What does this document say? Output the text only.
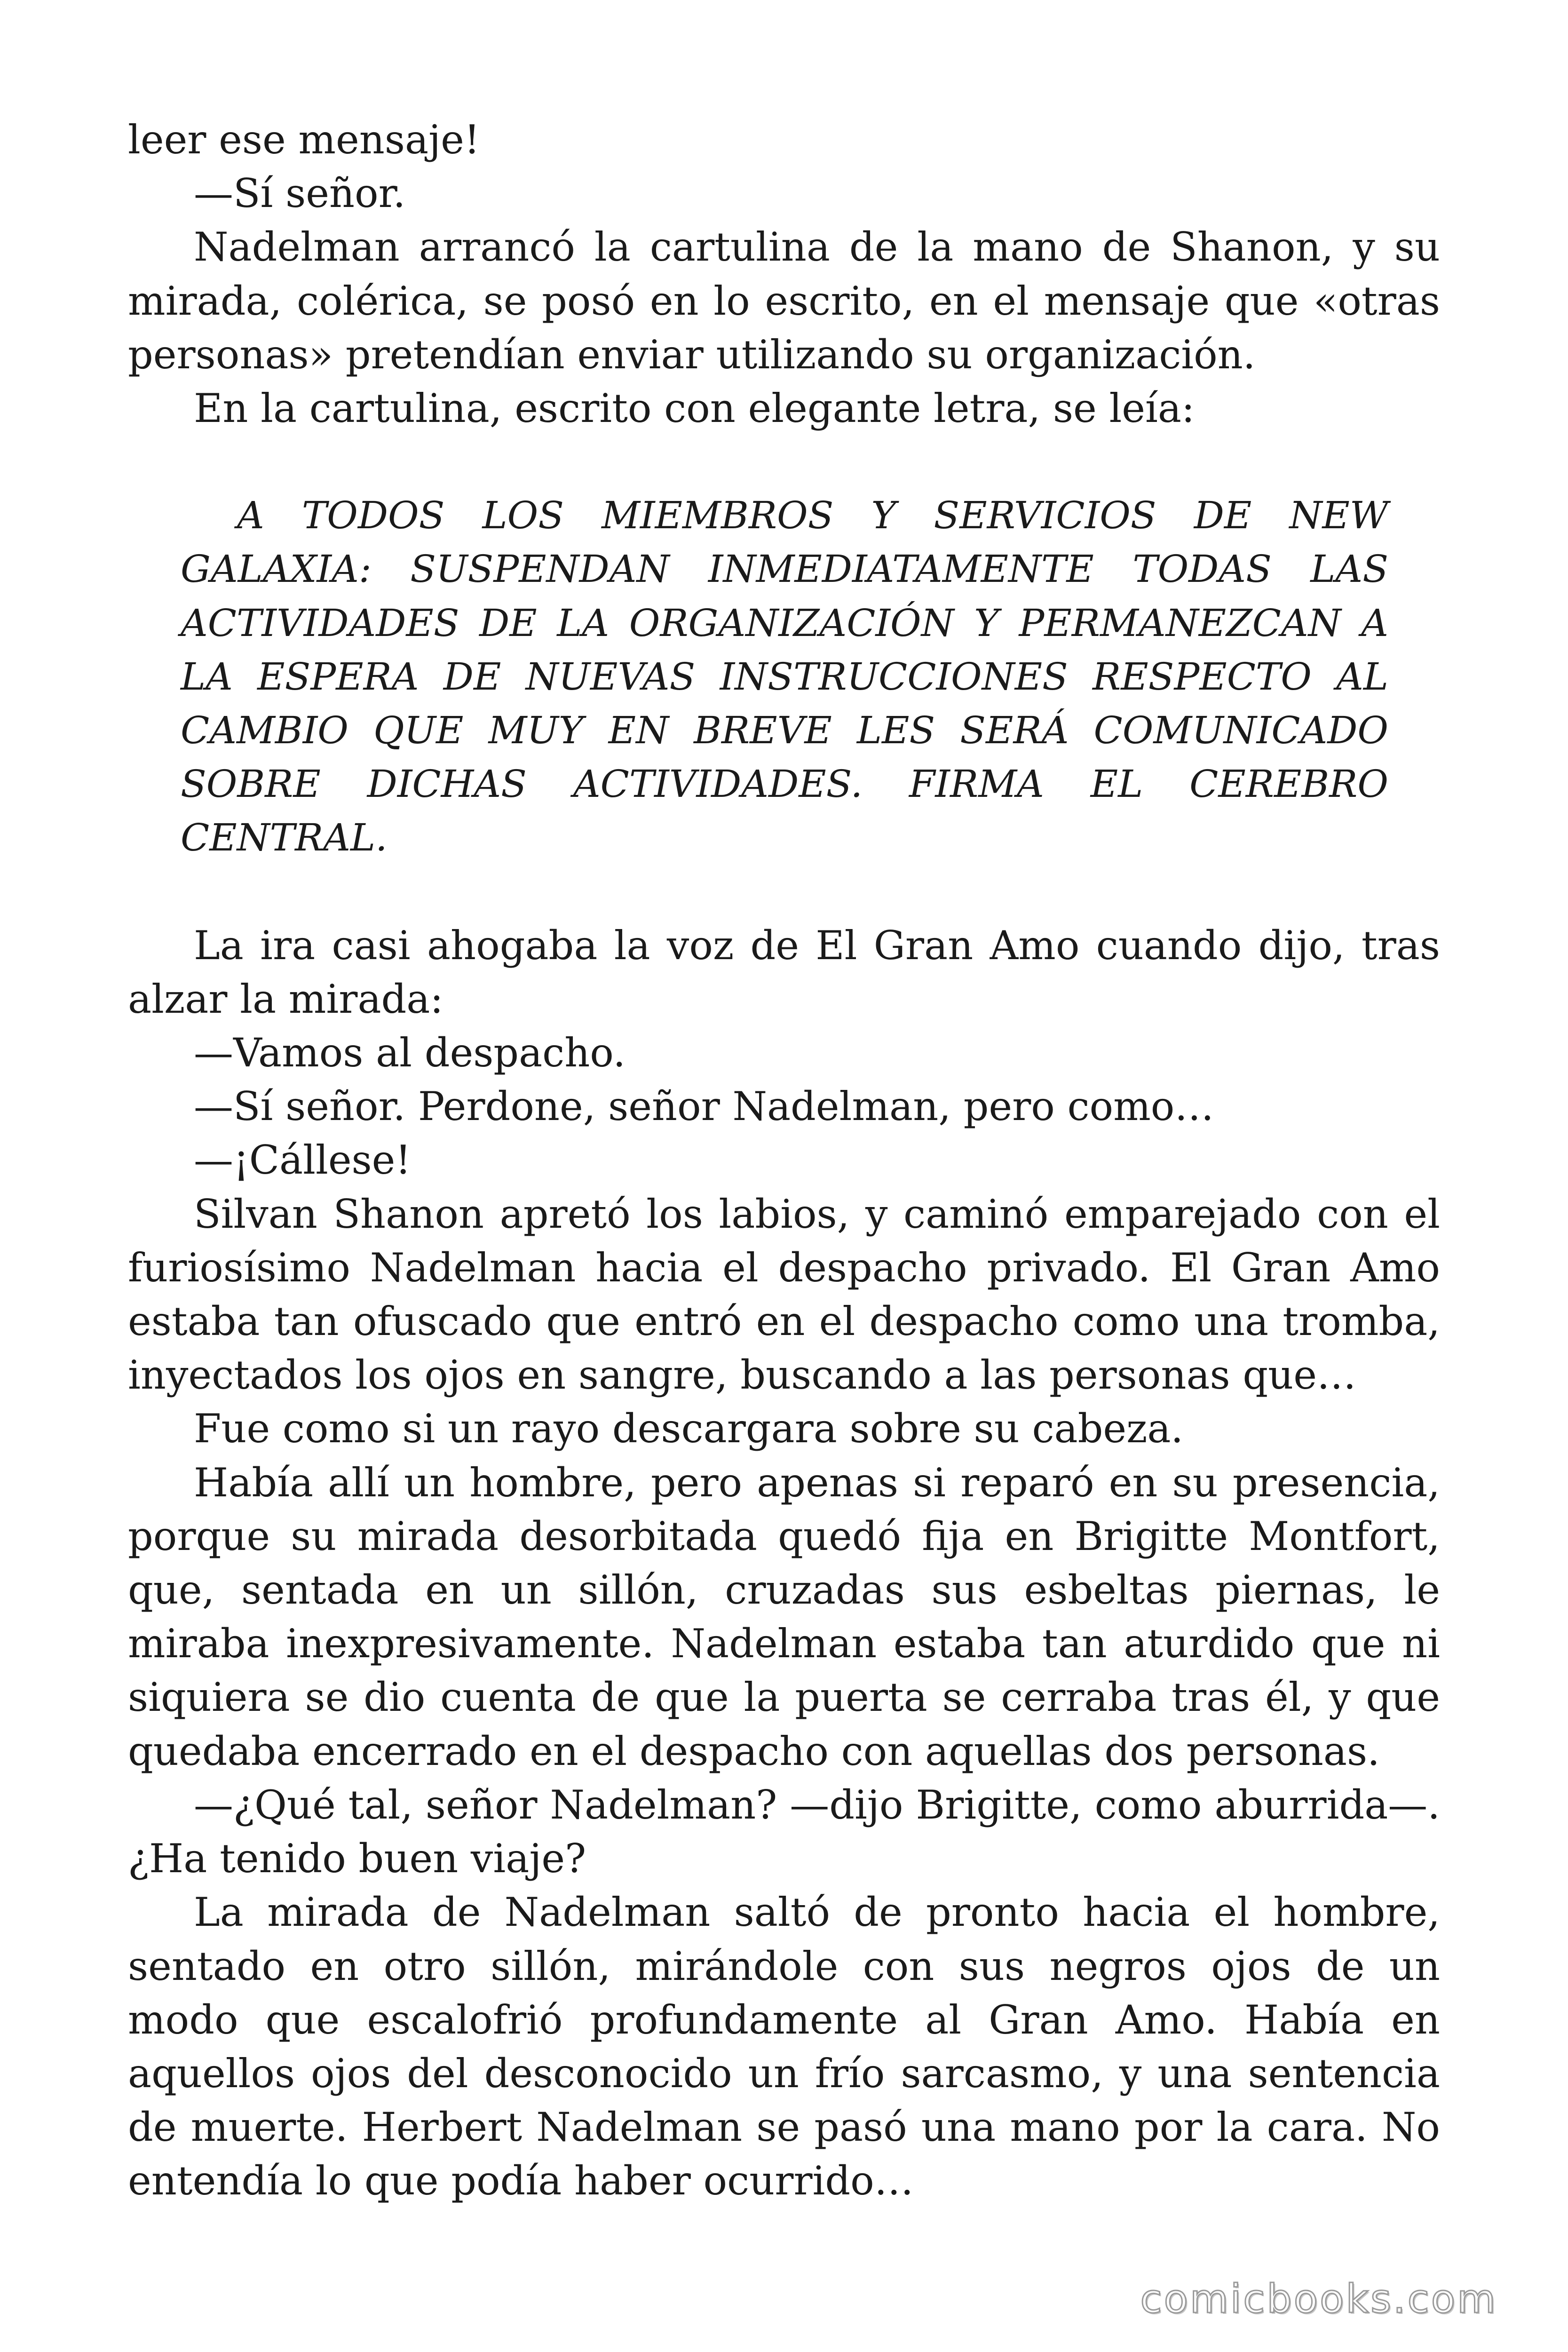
leer ese mensaje!

—Sí señor.

Nadelman arrancó la cartulina de la mano de Shanon, y su mirada, colérica, se posó en lo escrito, en el mensaje que «otras personas» pretendían enviar utilizando su organización.

En la cartulina, escrito con elegante letra, se leía:

A TODOS LOS MIEMBROS Y SERVICIOS DE NEW GALAXIA: SUSPENDAN INMEDIATAMENTE TODAS LAS ACTIVIDADES DE LA ORGANIZACIÓN Y PERMANEZCAN A LA ESPERA DE NUEVAS INSTRUCCIONES RESPECTO AL CAMBIO QUE MUY EN BREVE LES SERÁ COMUNICADO SOBRE DICHAS ACTIVIDADES. FIRMA EL CEREBRO CENTRAL.

La ira casi ahogaba la voz de El Gran Amo cuando dijo, tras alzar la mirada:

—Vamos al despacho.

—Sí señor. Perdone, señor Nadelman, pero como…

—¡Cállese!

Silvan Shanon apretó los labios, y caminó emparejado con el furiosísimo Nadelman hacia el despacho privado. El Gran Amo estaba tan ofuscado que entró en el despacho como una tromba, inyectados los ojos en sangre, buscando a las personas que…

Fue como si un rayo descargara sobre su cabeza.

Había allí un hombre, pero apenas si reparó en su presencia, porque su mirada desorbitada quedó fija en Brigitte Montfort, que, sentada en un sillón, cruzadas sus esbeltas piernas, le miraba inexpresivamente. Nadelman estaba tan aturdido que ni siquiera se dio cuenta de que la puerta se cerraba tras él, y que quedaba encerrado en el despacho con aquellas dos personas.

—¿Qué tal, señor Nadelman? —dijo Brigitte, como aburrida—. ¿Ha tenido buen viaje?

La mirada de Nadelman saltó de pronto hacia el hombre, sentado en otro sillón, mirándole con sus negros ojos de un modo que escalofrió profundamente al Gran Amo. Había en aquellos ojos del desconocido un frío sarcasmo, y una sentencia de muerte. Herbert Nadelman se pasó una mano por la cara. No entendía lo que podía haber ocurrido…

comicbooks.com
